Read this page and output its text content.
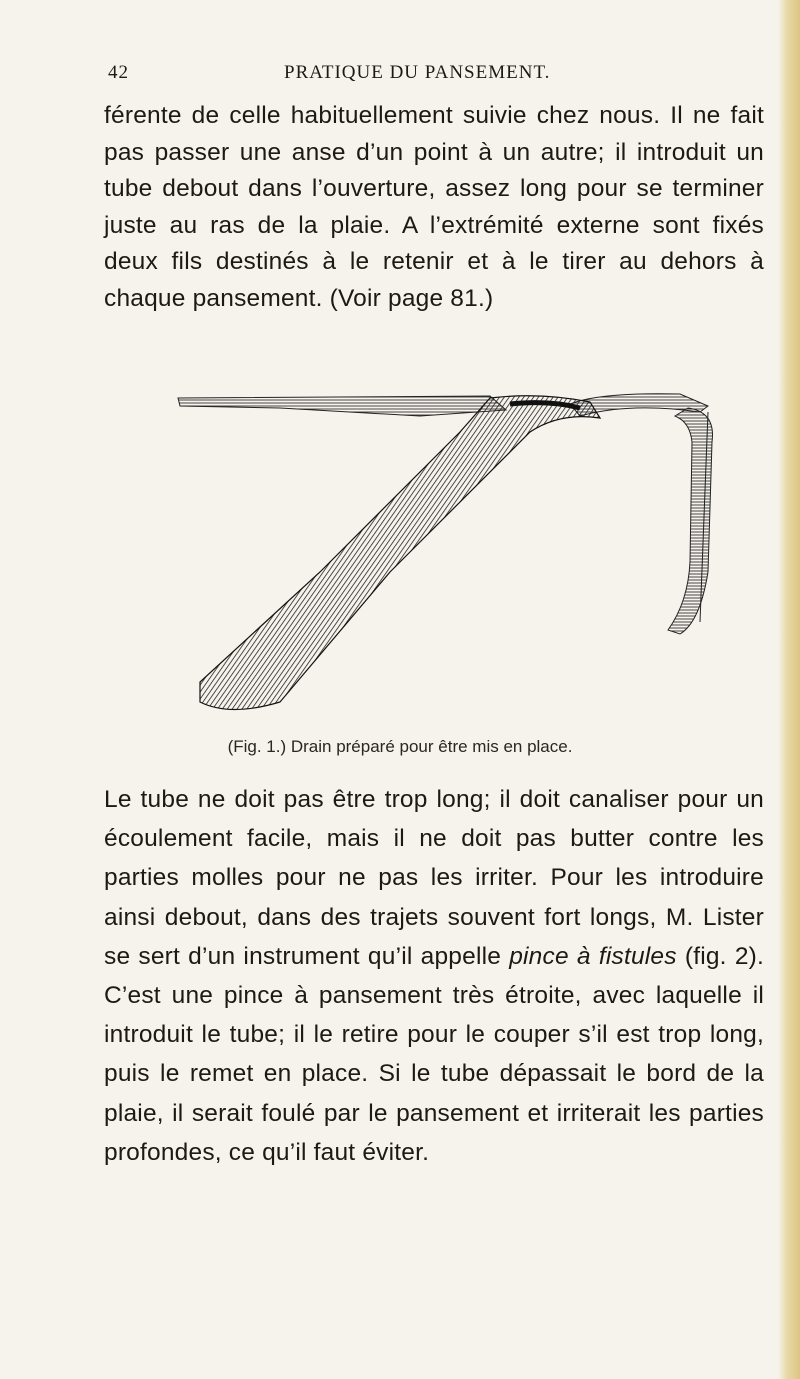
42	PRATIQUE DU PANSEMENT.

férente de celle habituellement suivie chez nous. Il ne fait pas passer une anse d’un point à un autre; il introduit un tube debout dans l’ouverture, assez long pour se terminer juste au ras de la plaie. A l’extrémité externe sont fixés deux fils destinés à le retenir et à le tirer au dehors à chaque pansement. (Voir page 81.)

(Fig. 1.) Drain préparé pour être mis en place.

Le tube ne doit pas être trop long; il doit canaliser pour un écoulement facile, mais il ne doit pas butter contre les parties molles pour ne pas les irriter. Pour les introduire ainsi debout, dans des trajets souvent fort longs, M. Lister se sert d’un instrument qu’il appelle pince à fistules (fig. 2). C’est une pince à pansement très étroite, avec laquelle il introduit le tube; il le retire pour le couper s’il est trop long, puis le remet en place. Si le tube dépassait le bord de la plaie, il serait foulé par le pansement et irriterait les parties profondes, ce qu’il faut éviter.
